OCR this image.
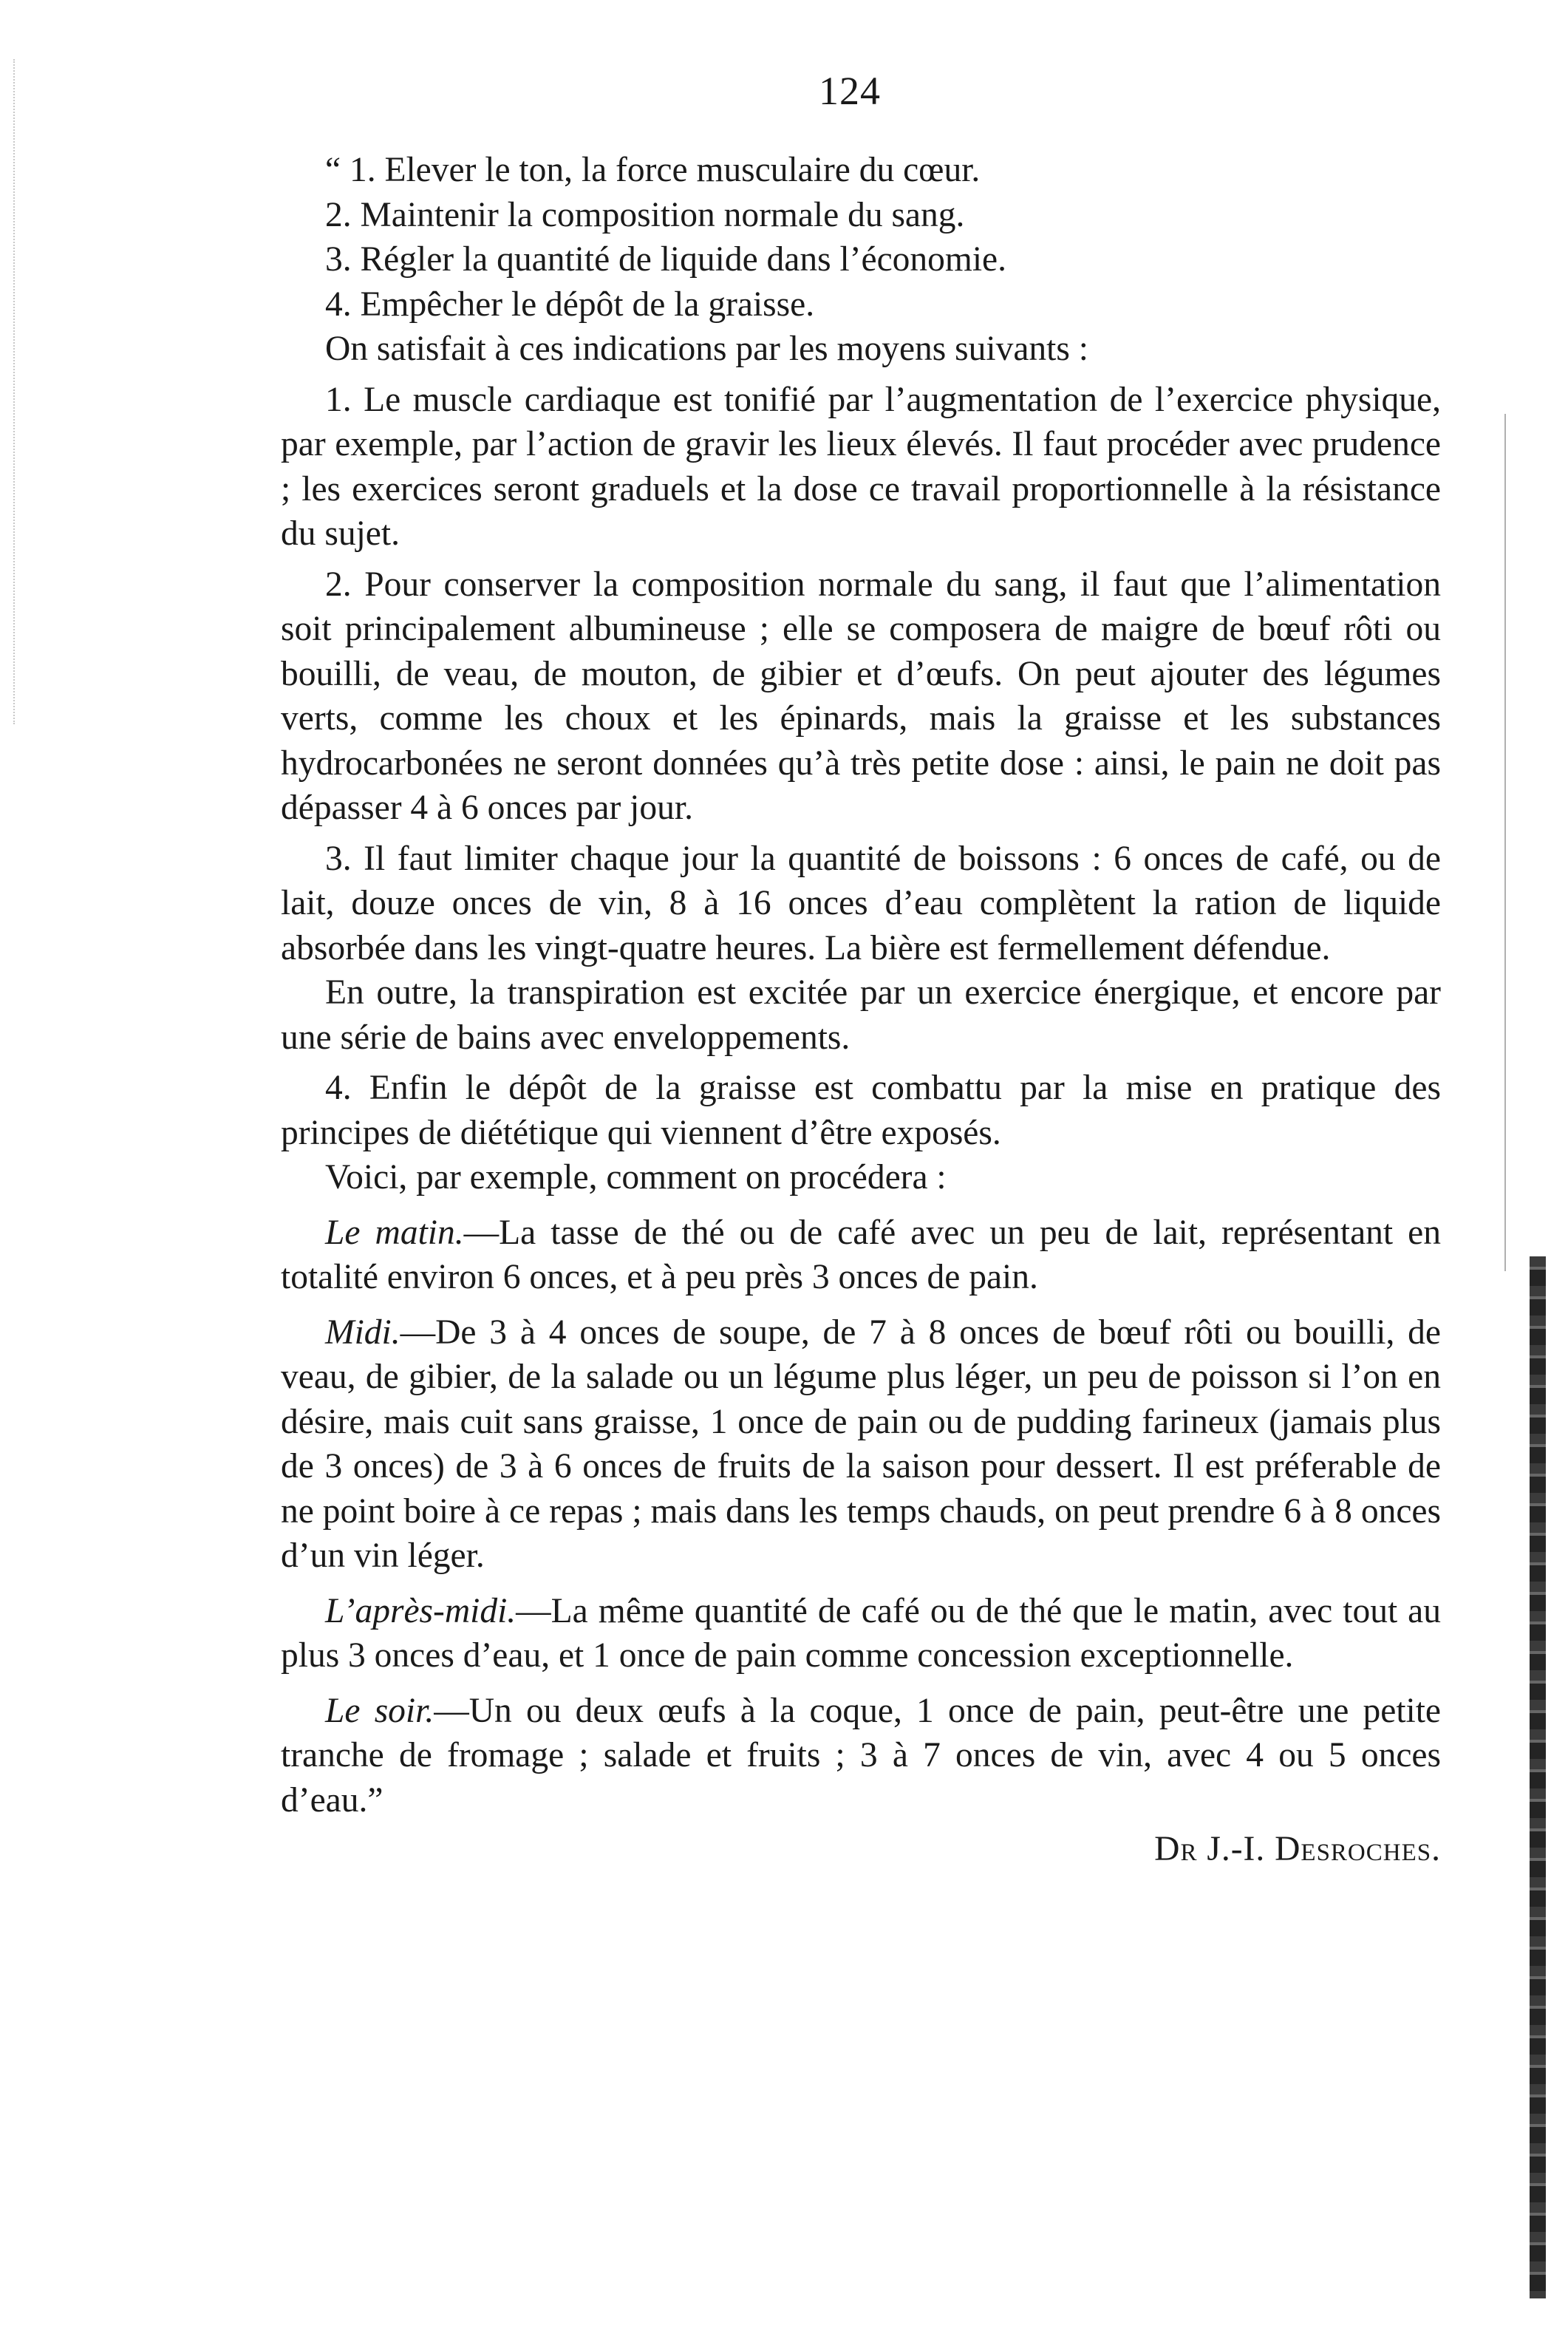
124

“ 1. Elever le ton, la force musculaire du cœur.

2. Maintenir la composition normale du sang.

3. Régler la quantité de liquide dans l’économie.

4. Empêcher le dépôt de la graisse.

On satisfait à ces indications par les moyens suivants :

1. Le muscle cardiaque est tonifié par l’augmentation de l’exercice physique, par exemple, par l’action de gravir les lieux élevés. Il faut procéder avec prudence ; les exercices seront graduels et la dose ce travail proportionnelle à la résistance du sujet.

2. Pour conserver la composition normale du sang, il faut que l’alimentation soit principalement albumineuse ; elle se composera de maigre de bœuf rôti ou bouilli, de veau, de mouton, de gibier et d’œufs. On peut ajouter des légumes verts, comme les choux et les épinards, mais la graisse et les substances hydrocarbonées ne seront données qu’à très petite dose : ainsi, le pain ne doit pas dépasser 4 à 6 onces par jour.

3. Il faut limiter chaque jour la quantité de boissons : 6 onces de café, ou de lait, douze onces de vin, 8 à 16 onces d’eau complètent la ration de liquide absorbée dans les vingt-quatre heures. La bière est fermellement défendue.

En outre, la transpiration est excitée par un exercice énergique, et encore par une série de bains avec enveloppements.

4. Enfin le dépôt de la graisse est combattu par la mise en pratique des principes de diététique qui viennent d’être exposés.

Voici, par exemple, comment on procédera :

Le matin.—La tasse de thé ou de café avec un peu de lait, représentant en totalité environ 6 onces, et à peu près 3 onces de pain.

Midi.—De 3 à 4 onces de soupe, de 7 à 8 onces de bœuf rôti ou bouilli, de veau, de gibier, de la salade ou un légume plus léger, un peu de poisson si l’on en désire, mais cuit sans graisse, 1 once de pain ou de pudding farineux (jamais plus de 3 onces) de 3 à 6 onces de fruits de la saison pour dessert. Il est préferable de ne point boire à ce repas ; mais dans les temps chauds, on peut prendre 6 à 8 onces d’un vin léger.

L’après-midi.—La même quantité de café ou de thé que le matin, avec tout au plus 3 onces d’eau, et 1 once de pain comme concession exceptionnelle.

Le soir.—Un ou deux œufs à la coque, 1 once de pain, peut-être une petite tranche de fromage ; salade et fruits ; 3 à 7 onces de vin, avec 4 ou 5 onces d’eau.”

Dr J.-I. Desroches.
